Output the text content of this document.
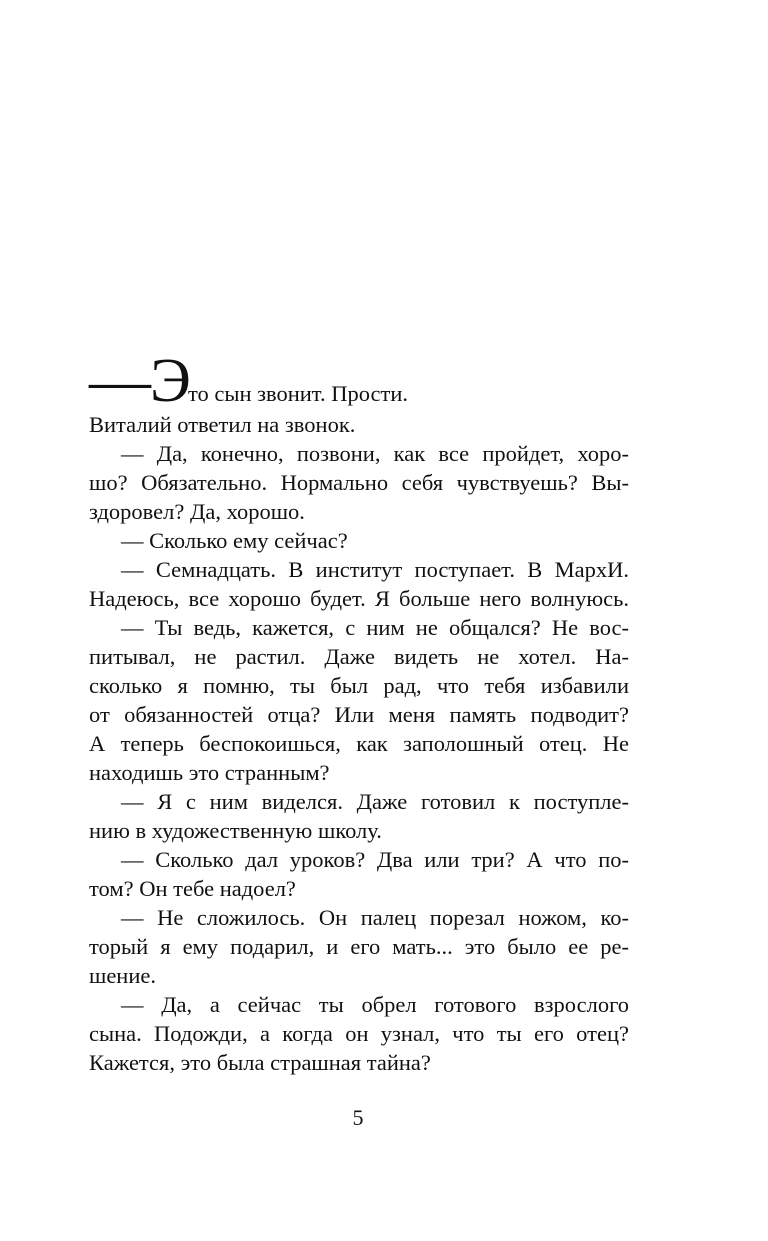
—Это сын звонит. Прости.
Виталий ответил на звонок.
— Да, конечно, позвони, как все пройдет, хоро-
шо? Обязательно. Нормально себя чувствуешь? Вы-
здоровел? Да, хорошо.
— Сколько ему сейчас?
— Семнадцать. В институт поступает. В МархИ.
Надеюсь, все хорошо будет. Я больше него волнуюсь.
— Ты ведь, кажется, с ним не общался? Не вос-
питывал, не растил. Даже видеть не хотел. На-
сколько я помню, ты был рад, что тебя избавили
от обязанностей отца? Или меня память подводит?
А теперь беспокоишься, как заполошный отец. Не
находишь это странным?
— Я с ним виделся. Даже готовил к поступле-
нию в художественную школу.
— Сколько дал уроков? Два или три? А что по-
том? Он тебе надоел?
— Не сложилось. Он палец порезал ножом, ко-
торый я ему подарил, и его мать... это было ее ре-
шение.
— Да, а сейчас ты обрел готового взрослого
сына. Подожди, а когда он узнал, что ты его отец?
Кажется, это была страшная тайна?
5
